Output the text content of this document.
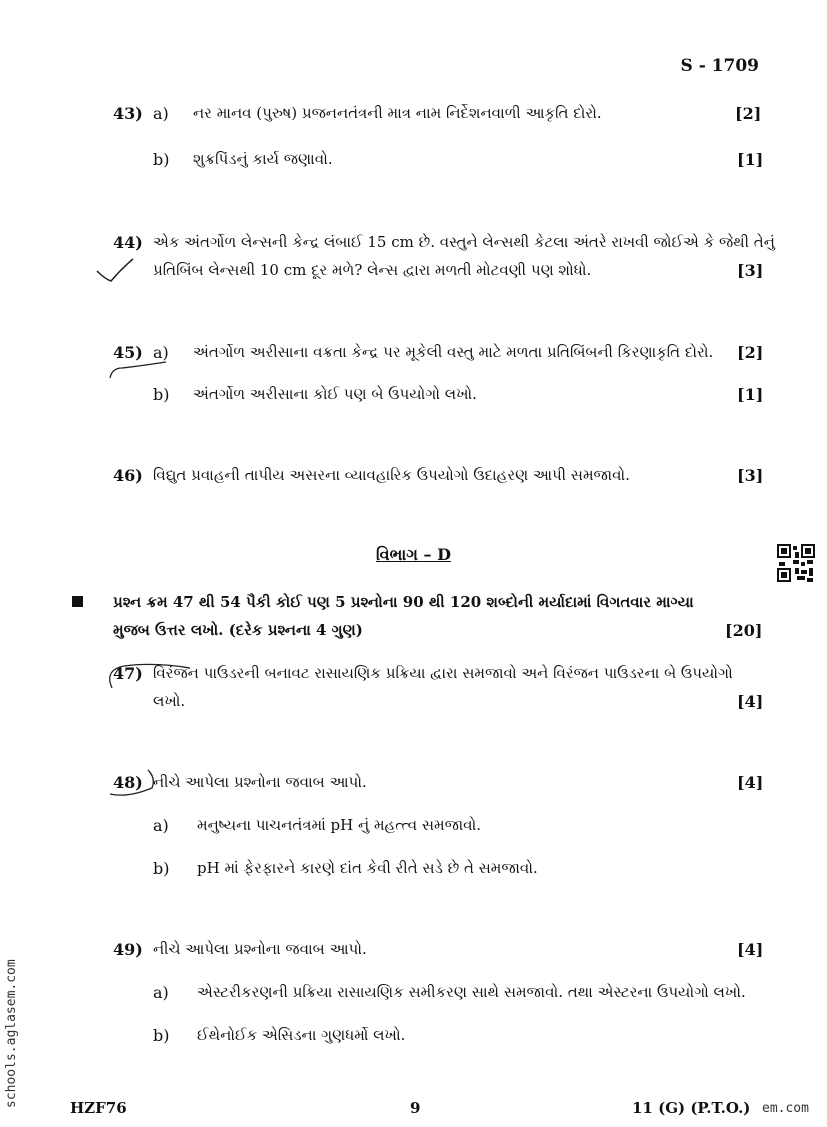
S - 1709
43) a) નર માનવ (પુરુષ) પ્રજનનતંત્રની માત્ર નામ નિર્દેશનવાળી આકૃતિ દોરો.	[2]
b) શુક્રપિંડનું કાર્ય જણાવો.	[1]
44) એક અંતર્ગોળ લેન્સની કેન્દ્ર લંબાઈ 15 cm છે. વસ્તુને લેન્સથી કેટલા અંતરે રાખવી જોઈએ કે જેથી તેનું
પ્રતિબિંબ લેન્સથી 10 cm દૂર મળે? લેન્સ દ્વારા મળતી મોટવણી પણ શોધો.	[3]
45) a) અંતર્ગોળ અરીસાના વક્રતા કેન્દ્ર પર મૂકેલી વસ્તુ માટે મળતા પ્રતિબિંબની કિરણાકૃતિ દોરો. [2]
b) અંતર્ગોળ અરીસાના કોઈ પણ બે ઉપયોગો લખો.	[1]
46) વિદ્યુત પ્રવાહની તાપીય અસરના વ્યાવહારિક ઉપયોગો ઉદાહરણ આપી સમજાવો.	[3]
વિભાગ – D
પ્રશ્ન ક્રમ 47 થી 54 પૈકી કોઈ પણ 5 પ્રશ્નોના 90 થી 120 શબ્દોની મર્યાદામાં વિગતવાર માગ્યા
મુજબ ઉત્તર લખો. (દરેક પ્રશ્નના 4 ગુણ)	[20]
47) વિરંજન પાઉડરની બનાવટ રાસાયણિક પ્રક્રિયા દ્વારા સમજાવો અને વિરંજન પાઉડરના બે ઉપયોગો
લખો.	[4]
48) નીચે આપેલા પ્રશ્નોના જવાબ આપો.	[4]
a) મનુષ્યના પાચનતંત્રમાં pH નું મહત્ત્વ સમજાવો.
b) pH માં ફેરફારને કારણે દાંત કેવી રીતે સડે છે તે સમજાવો.
49) નીચે આપેલા પ્રશ્નોના જવાબ આપો.	[4]
a) એસ્ટરીકરણની પ્રક્રિયા રાસાયણિક સમીકરણ સાથે સમજાવો. તથા એસ્ટરના ઉપયોગો લખો.
b) ઈથેનોઈક એસિડના ગુણધર્મો લખો.
schools.aglasem.com	HZF76	9	11 (G) (P.T.O.) em.com
